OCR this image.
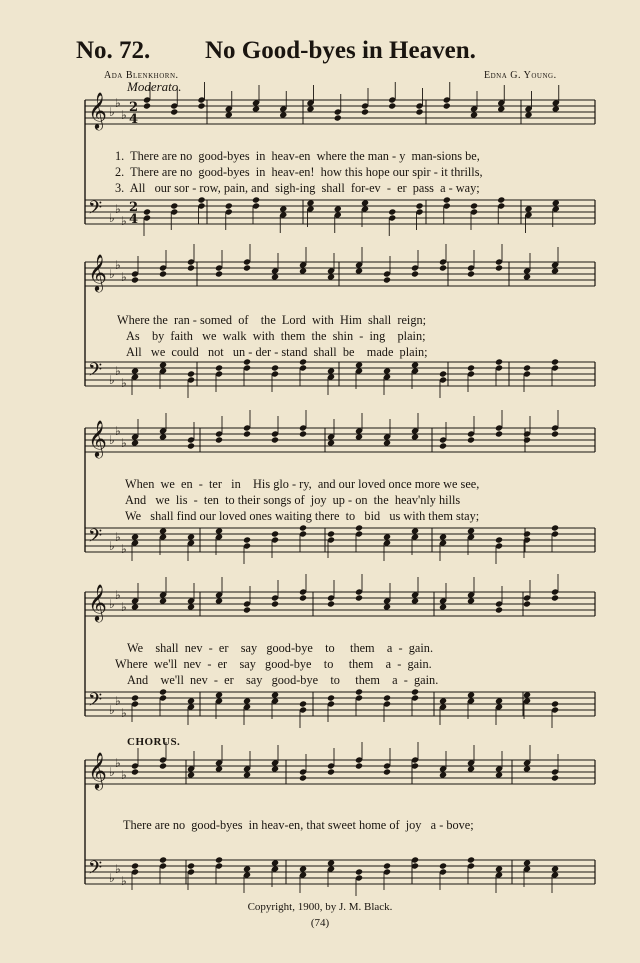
No. 72. No Good-byes in Heaven.
Ada Blenkhorn.	Edna G. Young.
Moderato.
𝄞 ♭
♭
♭ 2
4
𝄢 ♭
♭
♭
2
4
𝄞 ♭
♭
♭
𝄢 ♭
♭
♭
𝄞 ♭
♭
♭
𝄢 ♭
♭
♭
𝄞 ♭
♭
♭
𝄢 ♭
♭
♭
𝄞 ♭
♭
♭
𝄢 ♭
♭
♭
1.  There are no  good-byes  in  heav-en  where the man - y  man-sions be,
2.  There are no  good-byes  in  heav-en!  how this hope our spir - it thrills,
3.  All   our sor - row, pain, and  sigh-ing  shall  for-ev  -  er  pass  a - way;
Where the  ran - somed  of    the  Lord  with  Him  shall  reign;
As    by  faith   we  walk  with  them  the  shin  -  ing    plain;
All   we  could   not   un - der - stand  shall  be    made  plain;
When  we  en  -  ter   in    His glo - ry,  and our loved once more we see,
And   we  lis  -  ten  to their songs of  joy  up - on  the  heav'nly hills
We   shall find our loved ones waiting there  to   bid   us with them stay;
We    shall  nev  -  er    say   good-bye    to     them    a  -  gain.
Where  we'll  nev  -  er    say   good-bye    to     them    a  -  gain.
And    we'll  nev  -  er    say   good-bye    to     them    a  -  gain.
CHORUS.
There are no  good-byes  in heav-en, that sweet home of  joy   a - bove;
Copyright, 1900, by J. M. Black.
(74)
